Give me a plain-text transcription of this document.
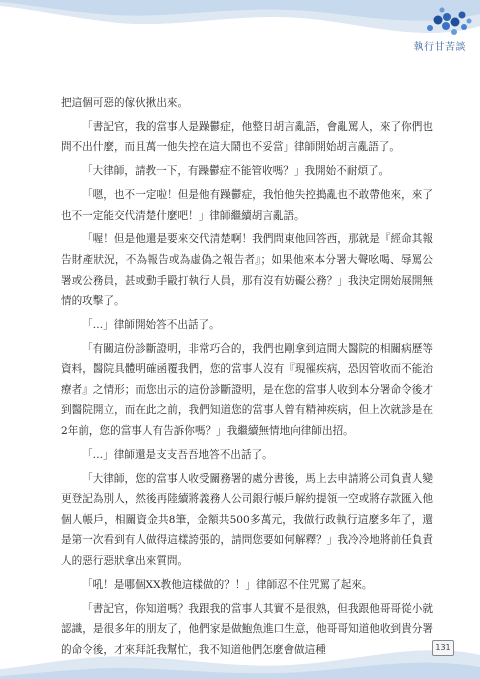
執行甘苦談

把這個可惡的傢伙揪出來。

「書記官，我的當事人是躁鬱症，他整日胡言亂語，會亂罵人，來了你們也問不出什麼，而且萬一他失控在這大鬧也不妥當」律師開始胡言亂語了。

「大律師，請教一下，有躁鬱症不能管收嗎？」我開始不耐煩了。

「嗯，也不一定啦！但是他有躁鬱症，我怕他失控搗亂也不敢帶他來，來了也不一定能交代清楚什麼吧！」律師繼續胡言亂語。

「喔！但是他還是要來交代清楚啊！我們問東他回答西，那就是『經命其報告財產狀況，不為報告或為虛偽之報告者』；如果他來本分署大聲吆喝、辱罵公署或公務員，甚或動手毆打執行人員，那有沒有妨礙公務？」我決定開始展開無情的攻擊了。

「…」律師開始答不出話了。

「有關這份診斷證明，非常巧合的，我們也剛拿到這間大醫院的相關病歷等資料，醫院具體明確函覆我們，您的當事人沒有『現罹疾病，恐因管收而不能治療者』之情形；而您出示的這份診斷證明，是在您的當事人收到本分署命令後才到醫院開立，而在此之前，我們知道您的當事人曾有精神疾病，但上次就診是在2年前，您的當事人有告訴你嗎？」我繼續無情地向律師出招。

「…」律師還是支支吾吾地答不出話了。

「大律師，您的當事人收受關務署的處分書後，馬上去申請將公司負責人變更登記為別人，然後再陸續將義務人公司銀行帳戶解約提領一空或將存款匯入他個人帳戶，相關資金共8筆，金額共500多萬元，我做行政執行這麼多年了，還是第一次看到有人做得這樣誇張的，請問您要如何解釋？」我冷冷地將前任負責人的惡行惡狀拿出來質問。

「吼！是哪個XX教他這樣做的？！」律師忍不住咒罵了起來。

「書記官，你知道嗎？我跟我的當事人其實不是很熟，但我跟他哥哥從小就認識，是很多年的朋友了，他們家是做鮑魚進口生意，他哥哥知道他收到貴分署的命令後，才來拜託我幫忙，我不知道他們怎麼會做這種	131
